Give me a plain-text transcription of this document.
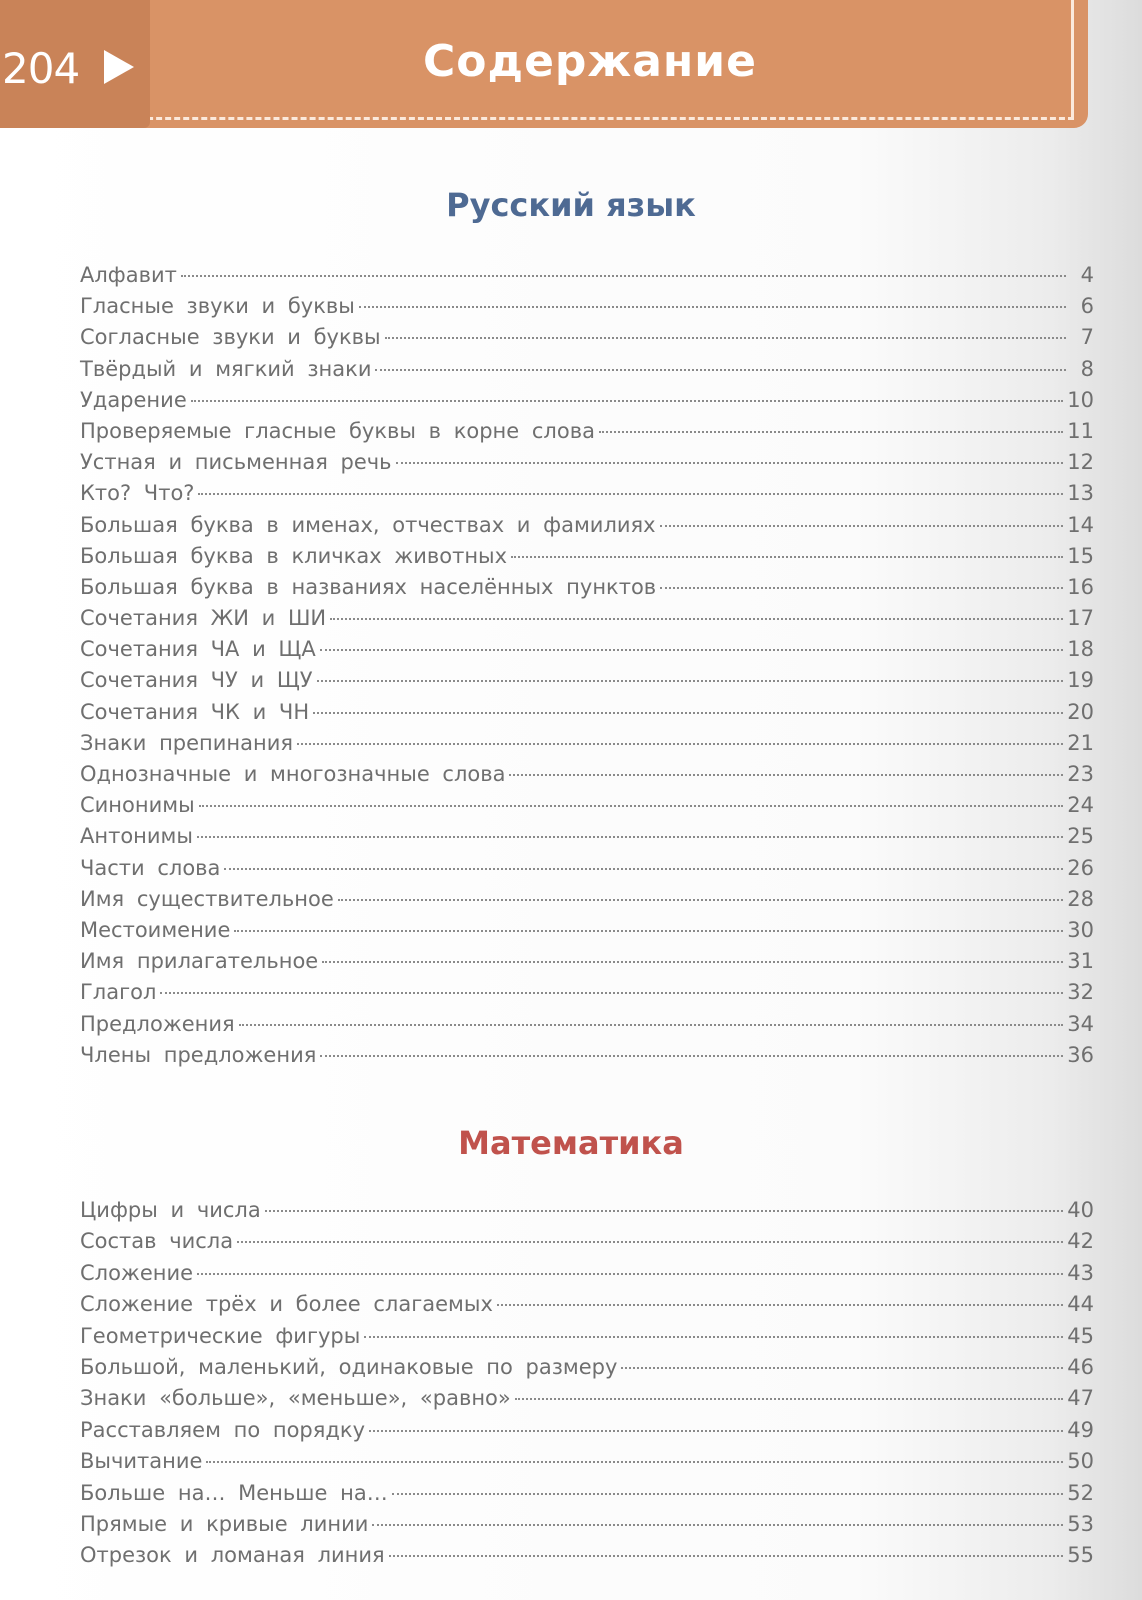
204	Содержание
Русский язык
Алфавит	4
Гласные звуки и буквы	6
Согласные звуки и буквы	7
Твёрдый и мягкий знаки	8
Ударение	10
Проверяемые гласные буквы в корне слова	11
Устная и письменная речь	12
Кто? Что?	13
Большая буква в именах, отчествах и фамилиях	14
Большая буква в кличках животных	15
Большая буква в названиях населённых пунктов	16
Сочетания ЖИ и ШИ	17
Сочетания ЧА и ЩА	18
Сочетания ЧУ и ЩУ	19
Сочетания ЧК и ЧН	20
Знаки препинания	21
Однозначные и многозначные слова	23
Синонимы	24
Антонимы	25
Части слова	26
Имя существительное	28
Местоимение	30
Имя прилагательное	31
Глагол	32
Предложения	34
Члены предложения	36
Математика
Цифры и числа	40
Состав числа	42
Сложение	43
Сложение трёх и более слагаемых	44
Геометрические фигуры	45
Большой, маленький, одинаковые по размеру	46
Знаки «больше», «меньше», «равно»	47
Расставляем по порядку	49
Вычитание	50
Больше на… Меньше на…	52
Прямые и кривые линии	53
Отрезок и ломаная линия	55
